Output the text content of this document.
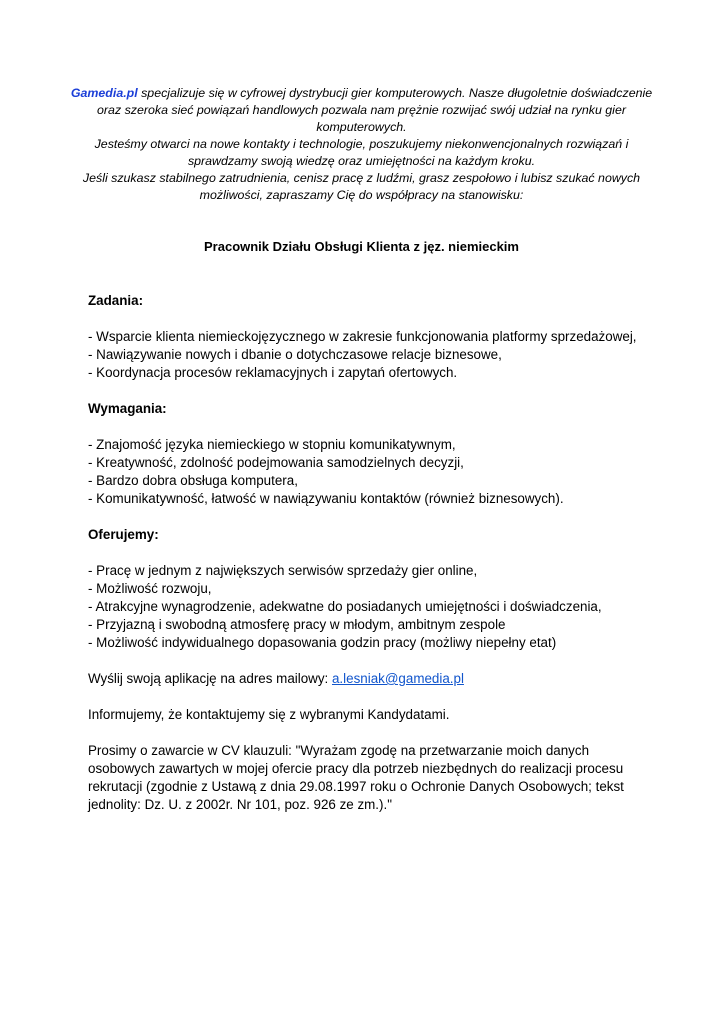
Gamedia.pl specjalizuje się w cyfrowej dystrybucji gier komputerowych. Nasze długoletnie doświadczenie oraz szeroka sieć powiązań handlowych pozwala nam prężnie rozwijać swój udział na rynku gier komputerowych.

Jesteśmy otwarci na nowe kontakty i technologie, poszukujemy niekonwencjonalnych rozwiązań i sprawdzamy swoją wiedzę oraz umiejętności na każdym kroku.

Jeśli szukasz stabilnego zatrudnienia, cenisz pracę z ludźmi, grasz zespołowo i lubisz szukać nowych możliwości, zapraszamy Cię do współpracy na stanowisku:

Pracownik Działu Obsługi Klienta z jęz. niemieckim

Zadania:

- Wsparcie klienta niemieckojęzycznego w zakresie funkcjonowania platformy sprzedażowej,
- Nawiązywanie nowych i dbanie o dotychczasowe relacje biznesowe,
- Koordynacja procesów reklamacyjnych i zapytań ofertowych.

Wymagania:

- Znajomość języka niemieckiego w stopniu komunikatywnym,
- Kreatywność, zdolność podejmowania samodzielnych decyzji,
- Bardzo dobra obsługa komputera,
- Komunikatywność, łatwość w nawiązywaniu kontaktów (również biznesowych).

Oferujemy:

- Pracę w jednym z największych serwisów sprzedaży gier online,
- Możliwość rozwoju,
- Atrakcyjne wynagrodzenie, adekwatne do posiadanych umiejętności i doświadczenia,
- Przyjazną i swobodną atmosferę pracy w młodym, ambitnym zespole
- Możliwość indywidualnego dopasowania godzin pracy (możliwy niepełny etat)

Wyślij swoją aplikację na adres mailowy: a.lesniak@gamedia.pl

Informujemy, że kontaktujemy się z wybranymi Kandydatami.

Prosimy o zawarcie w CV klauzuli: "Wyrażam zgodę na przetwarzanie moich danych osobowych zawartych w mojej ofercie pracy dla potrzeb niezbędnych do realizacji procesu rekrutacji (zgodnie z Ustawą z dnia 29.08.1997 roku o Ochronie Danych Osobowych; tekst jednolity: Dz. U. z 2002r. Nr 101, poz. 926 ze zm.)."
